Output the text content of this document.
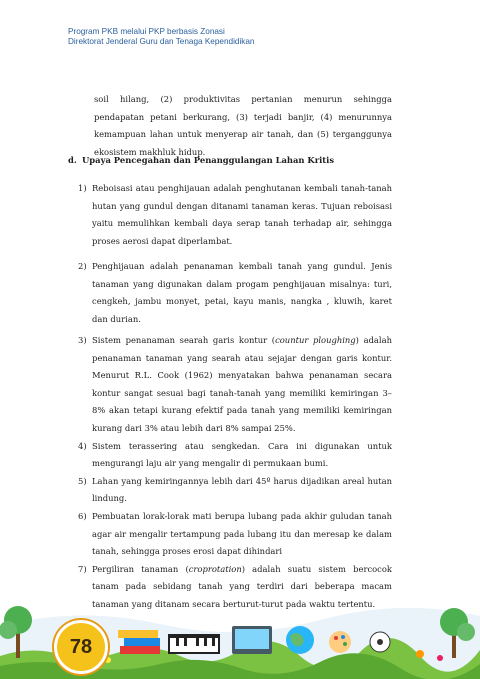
Program PKB melalui PKP berbasis Zonasi
Direktorat Jenderal Guru dan Tenaga Kependidikan

soil hilang, (2) produktivitas pertanian menurun sehingga pendapatan petani berkurang, (3) terjadi banjir, (4) menurunnya kemampuan lahan untuk menyerap air tanah, dan (5) terganggunya ekosistem makhluk hidup.

d. Upaya Pencegahan dan Penanggulangan Lahan Kritis
1) Reboisasi atau penghijauan adalah penghutanan kembali tanah-tanah hutan yang gundul dengan ditanami tanaman keras. Tujuan reboisasi yaitu memulihkan kembali daya serap tanah terhadap air, sehingga proses aerosi dapat diperlambat.
2) Penghijauan adalah penanaman kembali tanah yang gundul. Jenis tanaman yang digunakan dalam progam penghijauan misalnya: turi, cengkeh, jambu monyet, petai, kayu manis, nangka , kluwih, karet dan durian.
3) Sistem penanaman searah garis kontur (countur ploughing) adalah penanaman tanaman yang searah atau sejajar dengan garis kontur. Menurut R.L. Cook (1962) menyatakan bahwa penanaman secara kontur sangat sesuai bagi tanah-tanah yang memiliki kemiringan 3–8% akan tetapi kurang efektif pada tanah yang memiliki kemiringan kurang dari 3% atau lebih dari 8% sampai 25%.
4) Sistem terassering atau sengkedan. Cara ini digunakan untuk mengurangi laju air yang mengalir di permukaan bumi.
5) Lahan yang kemiringannya lebih dari 45º harus dijadikan areal hutan lindung.
6) Pembuatan lorak-lorak mati berupa lubang pada akhir guludan tanah agar air mengalir tertampung pada lubang itu dan meresap ke dalam tanah, sehingga proses erosi dapat dihindari
7) Pergiliran tanaman (croprotation) adalah suatu sistem bercocok tanam pada sebidang tanah yang terdiri dari beberapa macam tanaman yang ditanam secara berturut-turut pada waktu tertentu.
78
